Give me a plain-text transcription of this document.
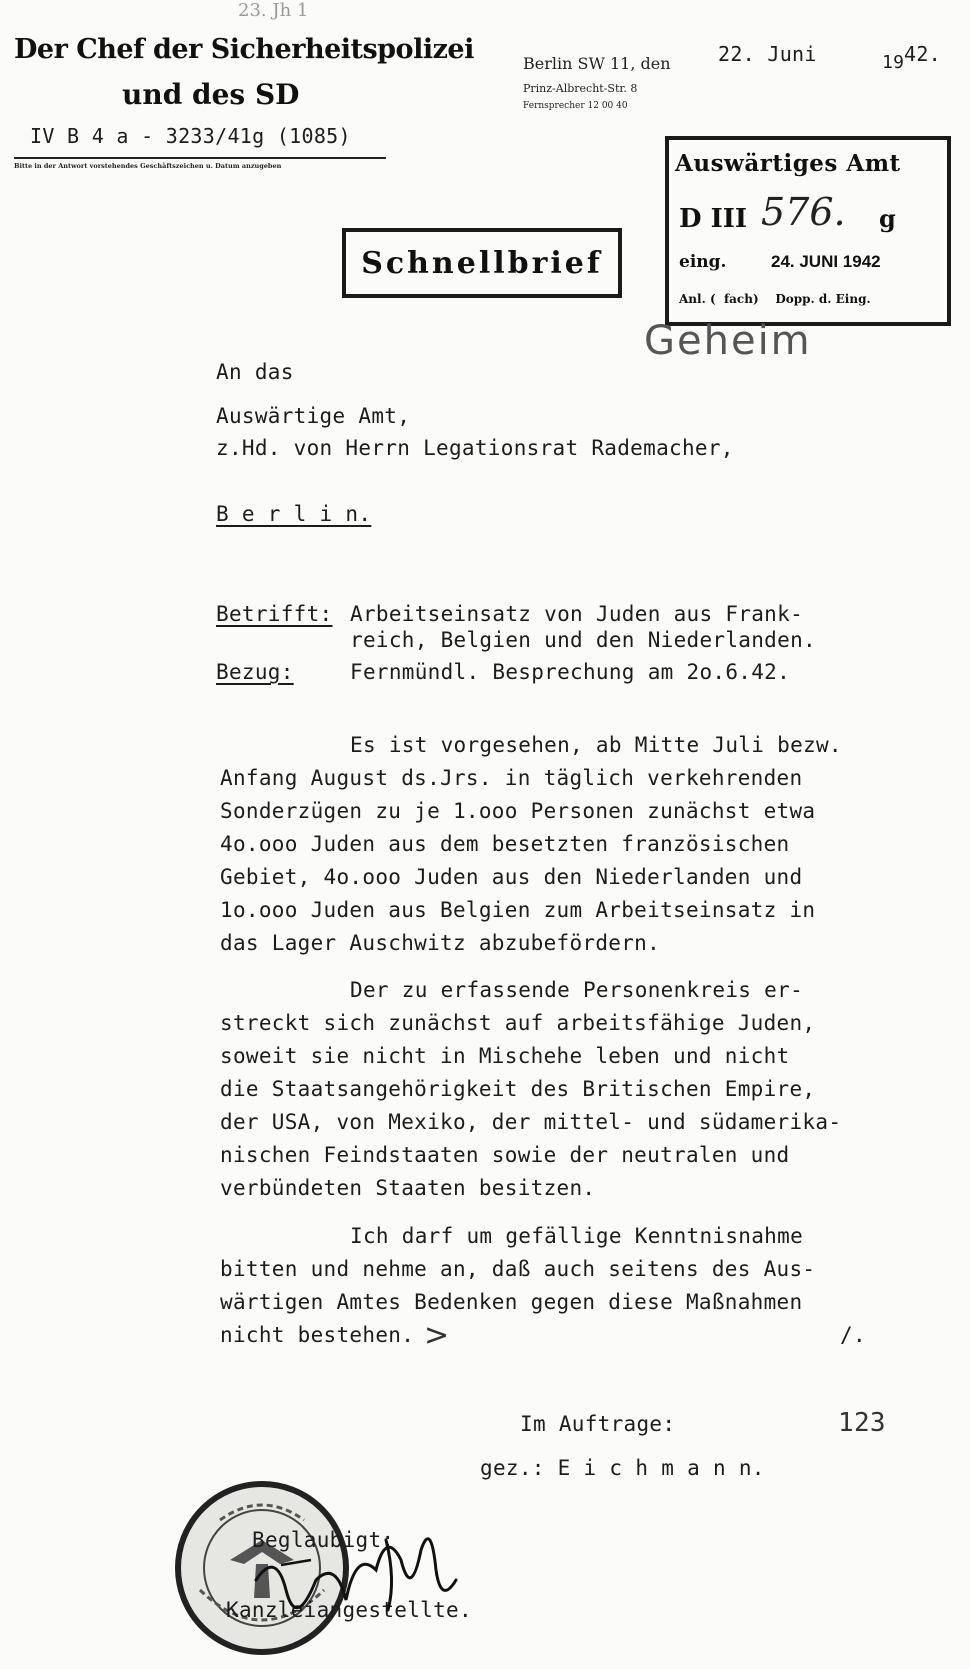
23. Jh 1
Der Chef der Sicherheitspolizei
und des SD
IV B 4 a - 3233/41g (1085)
Bitte in der Antwort vorstehendes Geschäftszeichen u. Datum anzugeben
Berlin SW 11, den
Prinz-Albrecht-Str. 8
Fernsprecher 12 00 40
22. Juni	19 42.
Schnellbrief
Auswärtiges Amt
D III 576. g
eing.	24. JUNI 1942
Anl. (  fach)    Dopp. d. Eing.
Geheim
An das
Auswärtige Amt,
z.Hd. von Herrn Legationsrat Rademacher,
B e r l i n.
Betrifft: Arbeitseinsatz von Juden aus Frank-
reich, Belgien und den Niederlanden.
Bezug:	Fernmündl. Besprechung am 2o.6.42.
Es ist vorgesehen, ab Mitte Juli bezw.
Anfang August ds.Jrs. in täglich verkehrenden
Sonderzügen zu je 1.ooo Personen zunächst etwa
4o.ooo Juden aus dem besetzten französischen
Gebiet, 4o.ooo Juden aus den Niederlanden und
1o.ooo Juden aus Belgien zum Arbeitseinsatz in
das Lager Auschwitz abzubefördern.
Der zu erfassende Personenkreis er-
streckt sich zunächst auf arbeitsfähige Juden,
soweit sie nicht in Mischehe leben und nicht
die Staatsangehörigkeit des Britischen Empire,
der USA, von Mexiko, der mittel- und südamerika-
nischen Feindstaaten sowie der neutralen und
verbündeten Staaten besitzen.
Ich darf um gefällige Kenntnisnahme
bitten und nehme an, daß auch seitens des Aus-
wärtigen Amtes Bedenken gegen diese Maßnahmen
nicht bestehen. >	/.
Im Auftrage:	123
gez.: E i c h m a n n.
Beglaubigt:
Kanzleiangestellte.
